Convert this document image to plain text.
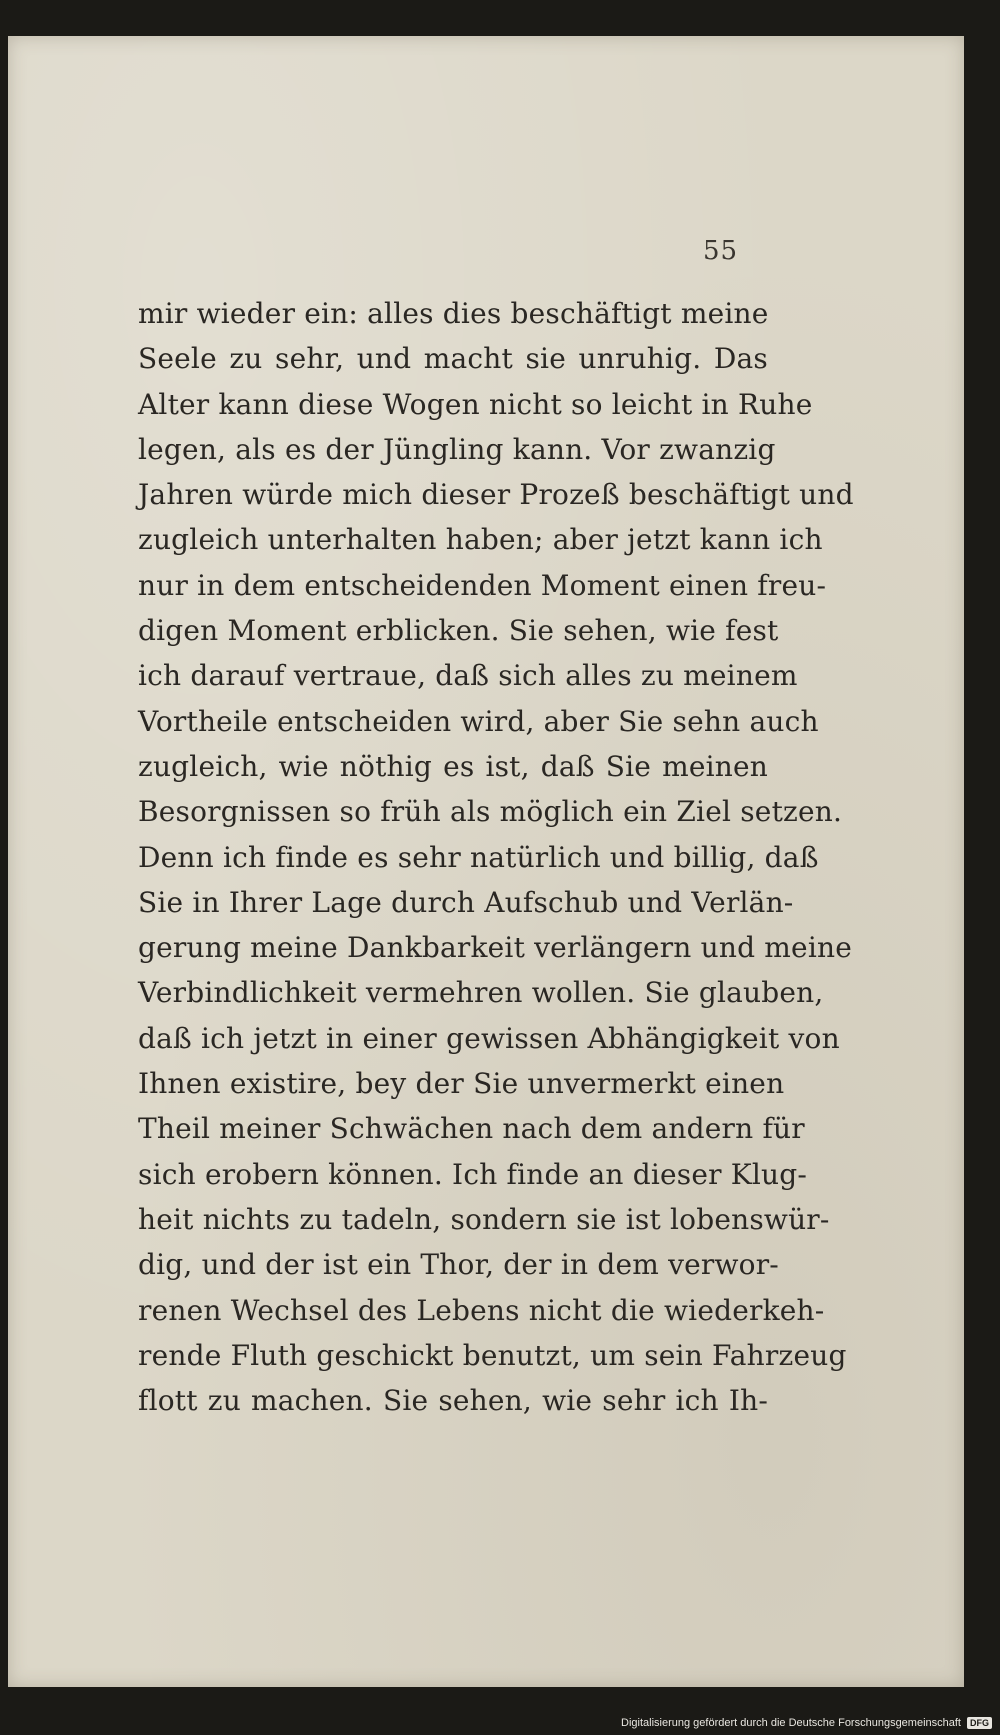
55
mir wieder ein: alles dies beschäftigt meine
Seele zu sehr, und macht sie unruhig. Das
Alter kann diese Wogen nicht so leicht in Ruhe
legen, als es der Jüngling kann. Vor zwanzig
Jahren würde mich dieser Prozeß beschäftigt und
zugleich unterhalten haben; aber jetzt kann ich
nur in dem entscheidenden Moment einen freu-
digen Moment erblicken. Sie sehen, wie fest
ich darauf vertraue, daß sich alles zu meinem
Vortheile entscheiden wird, aber Sie sehn auch
zugleich, wie nöthig es ist, daß Sie meinen
Besorgnissen so früh als möglich ein Ziel setzen.
Denn ich finde es sehr natürlich und billig, daß
Sie in Ihrer Lage durch Aufschub und Verlän-
gerung meine Dankbarkeit verlängern und meine
Verbindlichkeit vermehren wollen. Sie glauben,
daß ich jetzt in einer gewissen Abhängigkeit von
Ihnen existire, bey der Sie unvermerkt einen
Theil meiner Schwächen nach dem andern für
sich erobern können. Ich finde an dieser Klug-
heit nichts zu tadeln, sondern sie ist lobenswür-
dig, und der ist ein Thor, der in dem verwor-
renen Wechsel des Lebens nicht die wiederkeh-
rende Fluth geschickt benutzt, um sein Fahrzeug
flott zu machen. Sie sehen, wie sehr ich Ih-
Digitalisierung gefördert durch die Deutsche Forschungsgemeinschaft	DFG
